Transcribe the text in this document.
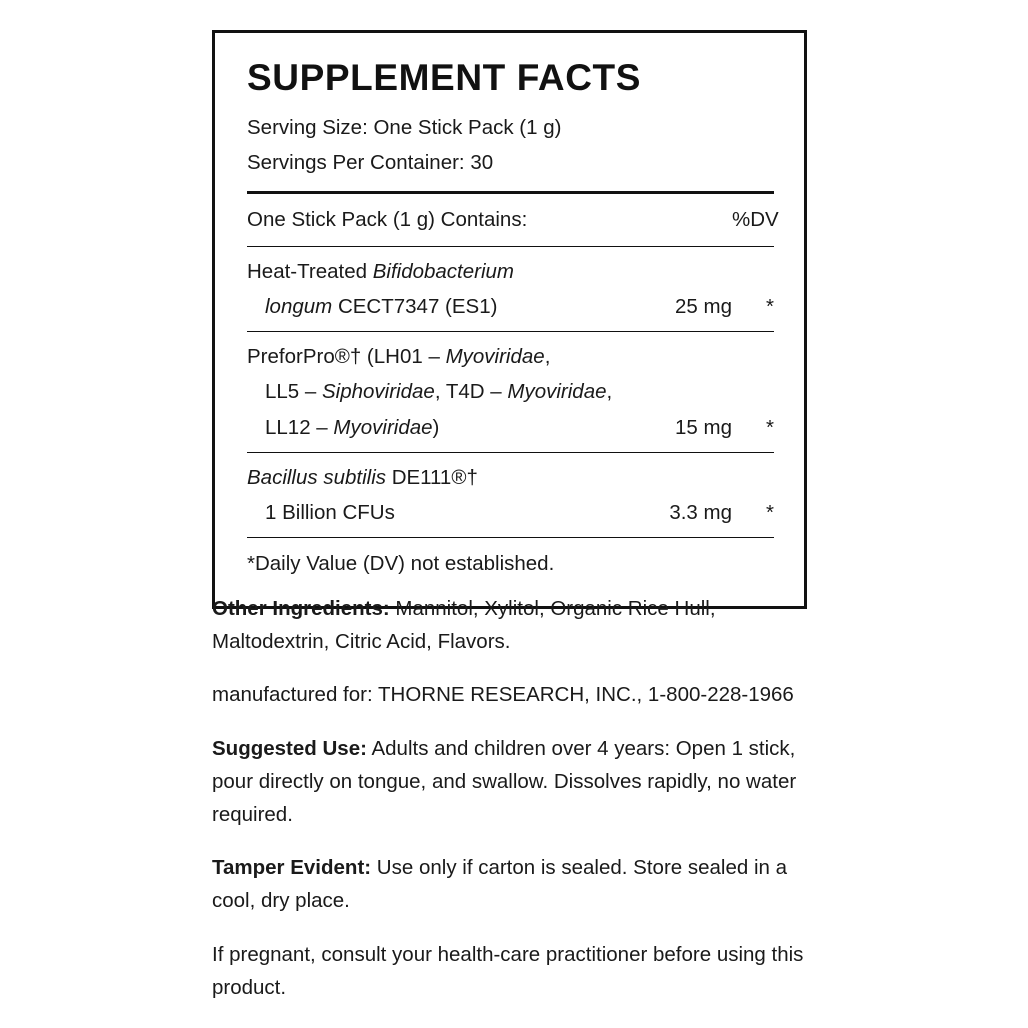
SUPPLEMENT FACTS
Serving Size: One Stick Pack (1 g)
Servings Per Container: 30
One Stick Pack (1 g) Contains:	%DV
Heat-Treated Bifidobacterium
longum CECT7347 (ES1)	25 mg	*
PreforPro®† (LH01 – Myoviridae,
LL5 – Siphoviridae, T4D – Myoviridae,
LL12 – Myoviridae)	15 mg	*
Bacillus subtilis DE111®†
1 Billion CFUs	3.3 mg	*
*Daily Value (DV) not established.

Other Ingredients: Mannitol, Xylitol, Organic Rice Hull, Maltodextrin, Citric Acid, Flavors.

manufactured for: THORNE RESEARCH, INC., 1-800-228-1966

Suggested Use: Adults and children over 4 years: Open 1 stick, pour directly on tongue, and swallow. Dissolves rapidly, no water required.

Tamper Evident: Use only if carton is sealed. Store sealed in a cool, dry place.

If pregnant, consult your health-care practitioner before using this product.
